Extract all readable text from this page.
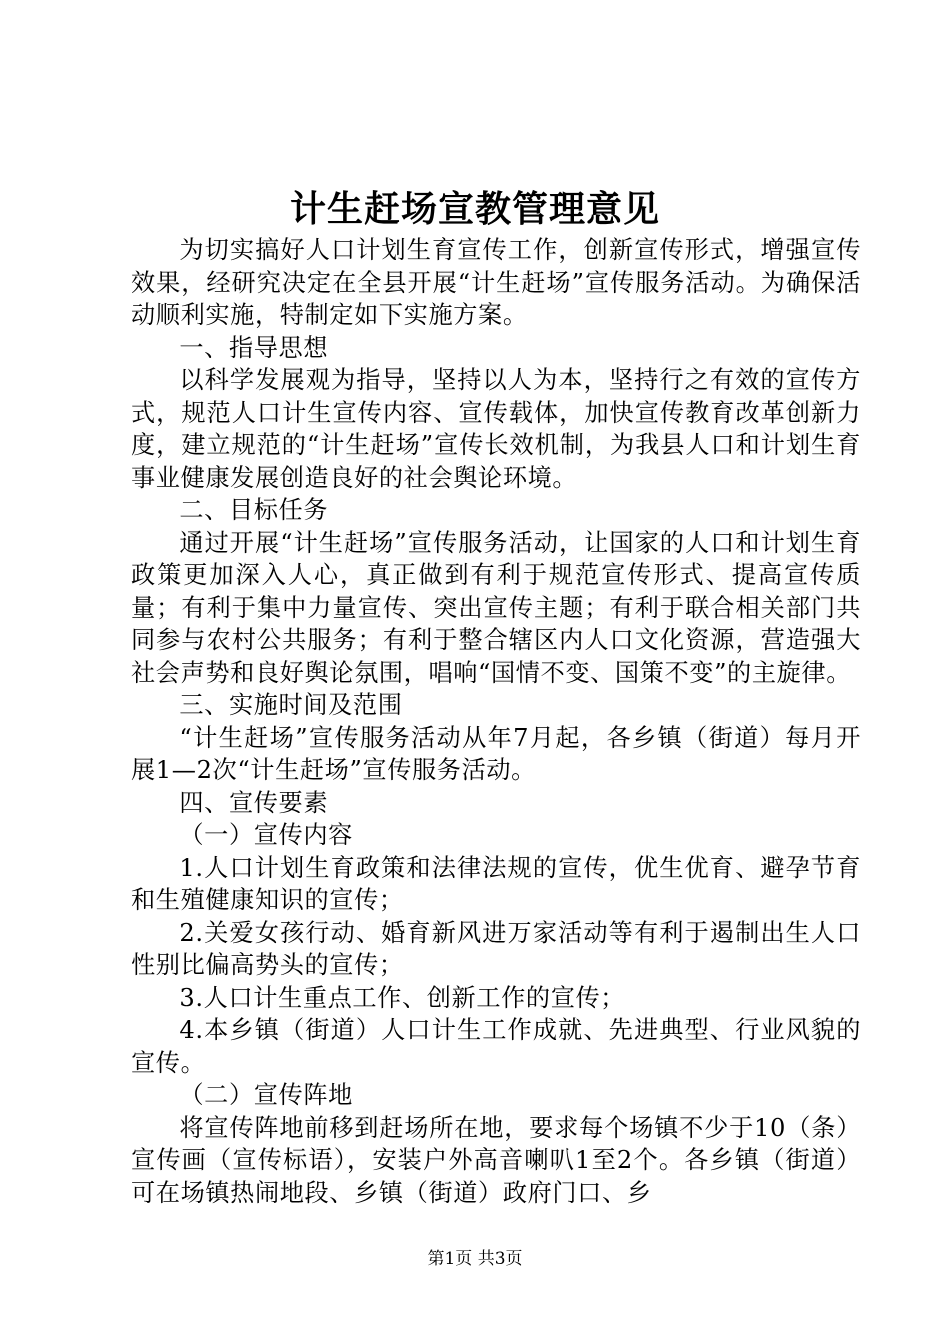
计生赶场宣教管理意见

为切实搞好人口计划生育宣传工作，创新宣传形式，增强宣传效果，经研究决定在全县开展“计生赶场”宣传服务活动。为确保活动顺利实施，特制定如下实施方案。

一、指导思想

以科学发展观为指导，坚持以人为本，坚持行之有效的宣传方式，规范人口计生宣传内容、宣传载体，加快宣传教育改革创新力度，建立规范的“计生赶场”宣传长效机制，为我县人口和计划生育事业健康发展创造良好的社会舆论环境。

二、目标任务

通过开展“计生赶场”宣传服务活动，让国家的人口和计划生育政策更加深入人心，真正做到有利于规范宣传形式、提高宣传质量；有利于集中力量宣传、突出宣传主题；有利于联合相关部门共同参与农村公共服务；有利于整合辖区内人口文化资源，营造强大社会声势和良好舆论氛围，唱响“国情不变、国策不变”的主旋律。

三、实施时间及范围

“计生赶场”宣传服务活动从年7月起，各乡镇（街道）每月开展1—2次“计生赶场”宣传服务活动。

四、宣传要素

（一）宣传内容

1.人口计划生育政策和法律法规的宣传，优生优育、避孕节育和生殖健康知识的宣传；

2.关爱女孩行动、婚育新风进万家活动等有利于遏制出生人口性别比偏高势头的宣传；

3.人口计生重点工作、创新工作的宣传；

4.本乡镇（街道）人口计生工作成就、先进典型、行业风貌的宣传。

（二）宣传阵地

将宣传阵地前移到赶场所在地，要求每个场镇不少于10（条）宣传画（宣传标语），安装户外高音喇叭1至2个。各乡镇（街道）可在场镇热闹地段、乡镇（街道）政府门口、乡

第1页 共3页
